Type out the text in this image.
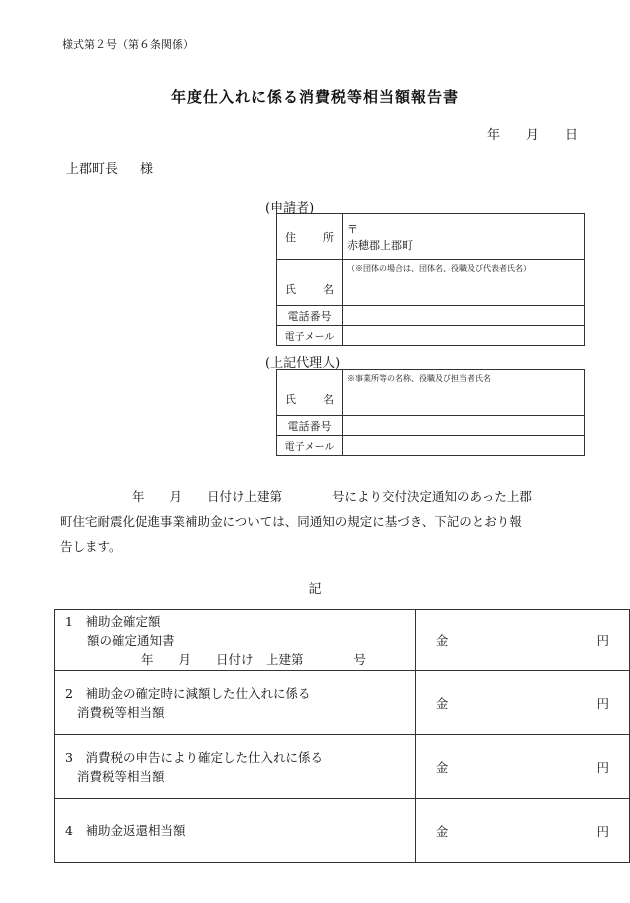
様式第２号（第６条関係）
年度仕入れに係る消費税等相当額報告書
年 月 日
上郡町長 様
(申請者)
住 所	〒
赤穂郡上郡町

氏 名	（※団体の場合は、団体名、役職及び代表者氏名）

電話番号	
電子メール	
(上記代理人)
氏 名	※事業所等の名称、役職及び担当者氏名

電話番号	
電子メール	
年　　月　　日付け上建第　　　　号により交付決定通知のあった上郡
町住宅耐震化促進事業補助金については、同通知の規定に基づき、下記のとおり報
告します。
記
1　補助金確定額
額の確定通知書
年　　月　　日付け　上建第　　　　号	金 円

2　補助金の確定時に減額した仕入れに係る
消費税等相当額	金 円

3　消費税の申告により確定した仕入れに係る
消費税等相当額	金 円

4　補助金返還相当額	金 円
